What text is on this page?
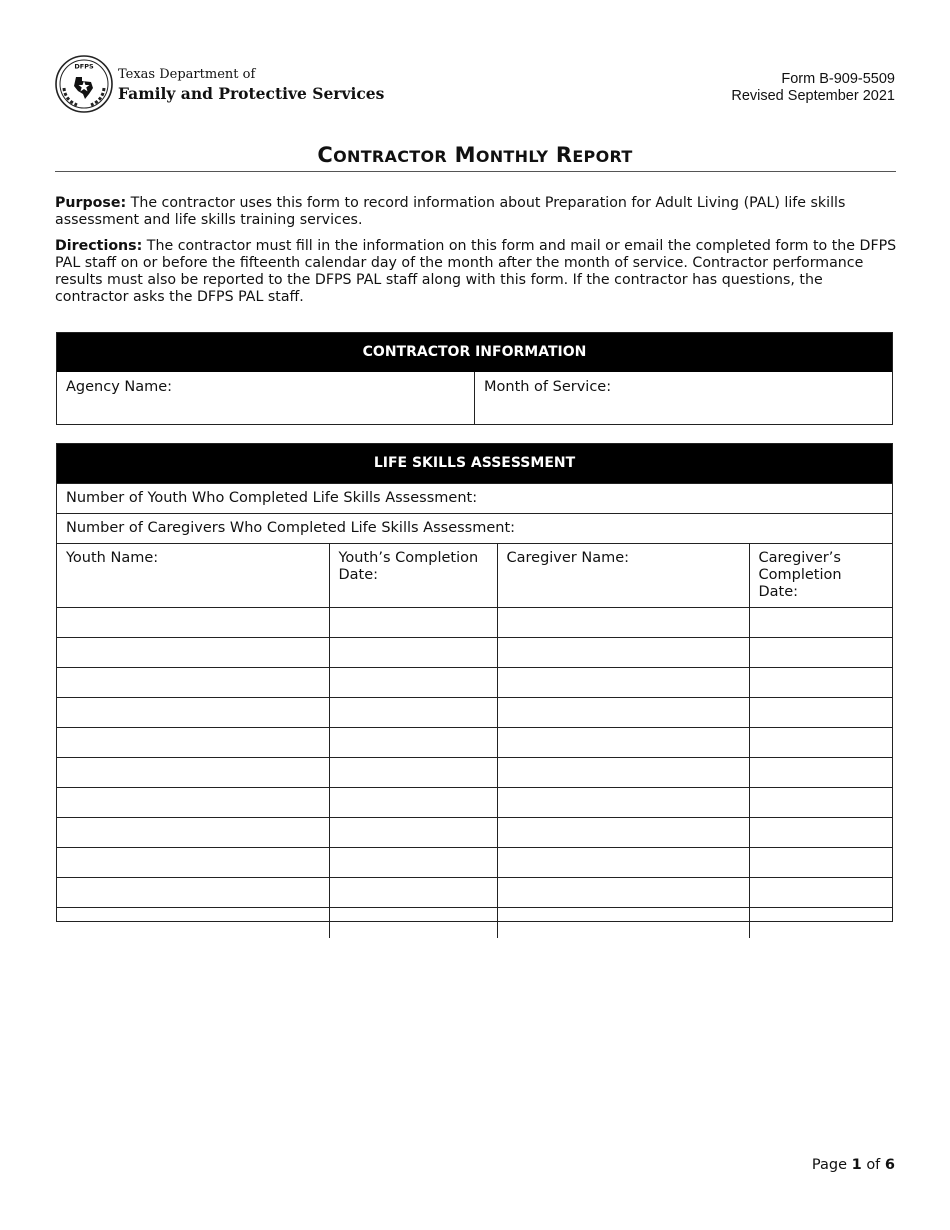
DFPS
Texas Department of
Family and Protective Services
Form B-909-5509
Revised September 2021
CONTRACTOR MONTHLY REPORT
Purpose: The contractor uses this form to record information about Preparation for Adult Living (PAL) life skills assessment and life skills training services.
Directions: The contractor must fill in the information on this form and mail or email the completed form to the DFPS PAL staff on or before the fifteenth calendar day of the month after the month of service. Contractor performance results must also be reported to the DFPS PAL staff along with this form. If the contractor has questions, the contractor asks the DFPS PAL staff.
CONTRACTOR INFORMATION
Agency Name:	Month of Service:
LIFE SKILLS ASSESSMENT
Number of Youth Who Completed Life Skills Assessment:
Number of Caregivers Who Completed Life Skills Assessment:
Youth Name:	Youth’s Completion Date:	Caregiver Name:	Caregiver’s Completion Date:

Page 1 of 6
